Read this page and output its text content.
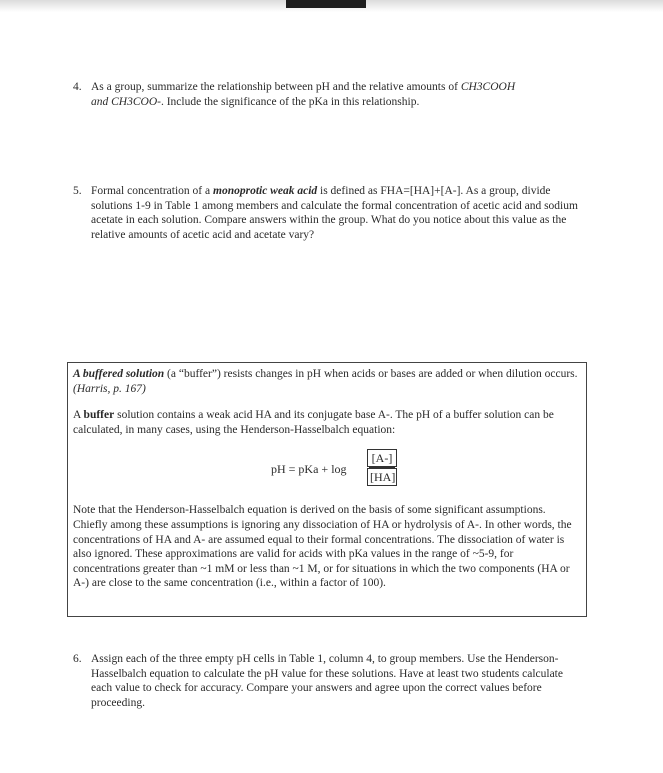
4. As a group, summarize the relationship between pH and the relative amounts of CH3COOH
and CH3COO-. Include the significance of the pKa in this relationship.
5. Formal concentration of a monoprotic weak acid is defined as FHA=[HA]+[A-]. As a group, divide solutions 1-9 in Table 1 among members and calculate the formal concentration of acetic acid and sodium acetate in each solution. Compare answers within the group. What do you notice about this value as the relative amounts of acetic acid and acetate vary?

A buffered solution (a “buffer”) resists changes in pH when acids or bases are added or when dilution occurs. (Harris, p. 167)

A buffer solution contains a weak acid HA and its conjugate base A-. The pH of a buffer solution can be calculated, in many cases, using the Henderson-Hasselbalch equation:

pH = pKa + $\log \frac{[A-]}{[HA]}$

Note that the Henderson-Hasselbalch equation is derived on the basis of some significant assumptions. Chiefly among these assumptions is ignoring any dissociation of HA or hydrolysis of A-. In other words, the concentrations of HA and A- are assumed equal to their formal concentrations. The dissociation of water is also ignored. These approximations are valid for acids with pKa values in the range of ~5-9, for concentrations greater than ~1 mM or less than ~1 M, or for situations in which the two components (HA or A-) are close to the same concentration (i.e., within a factor of 100).

6. Assign each of the three empty pH cells in Table 1, column 4, to group members. Use the Henderson-Hasselbalch equation to calculate the pH value for these solutions. Have at least two students calculate each value to check for accuracy. Compare your answers and agree upon the correct values before proceeding.
